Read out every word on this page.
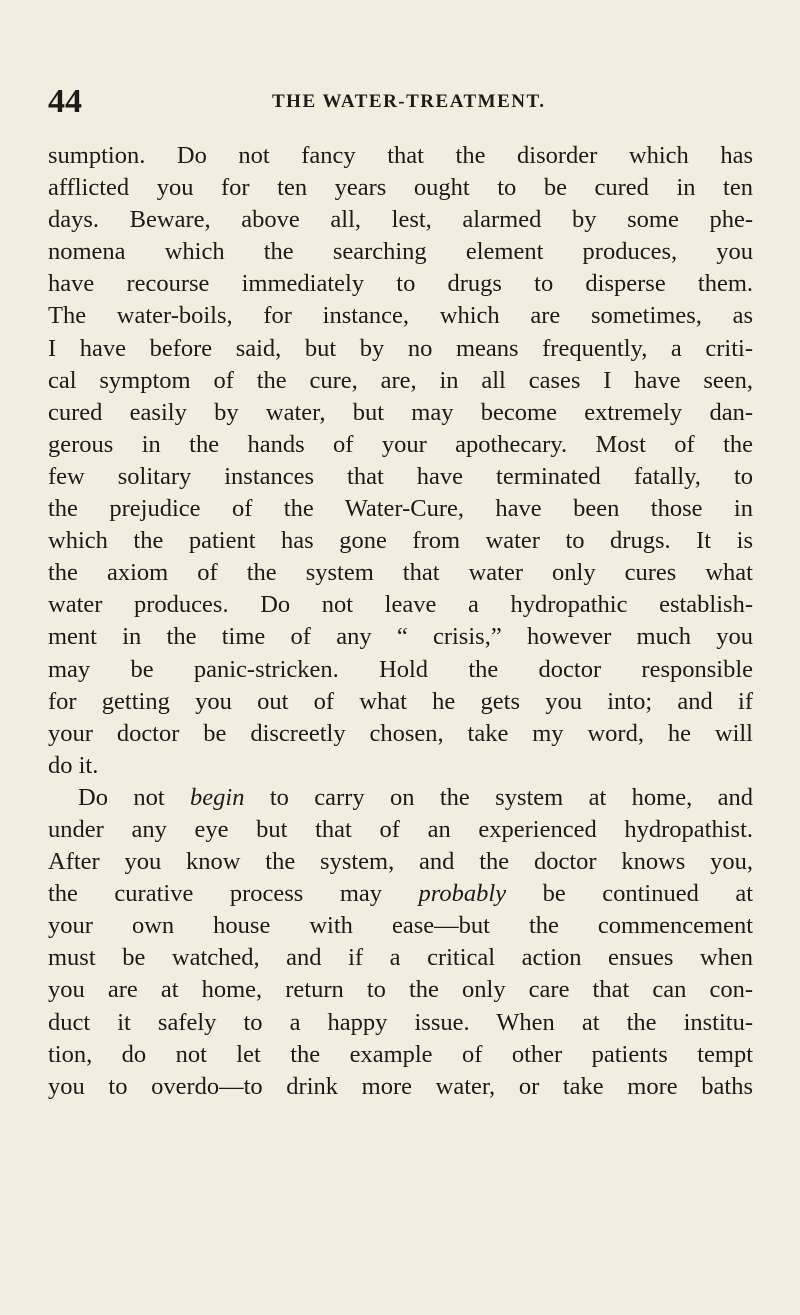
44	THE WATER-TREATMENT.
sumption. Do not fancy that the disorder which has
afflicted you for ten years ought to be cured in ten
days. Beware, above all, lest, alarmed by some phe-
nomena which the searching element produces, you
have recourse immediately to drugs to disperse them.
The water-boils, for instance, which are sometimes, as
I have before said, but by no means frequently, a criti-
cal symptom of the cure, are, in all cases I have seen,
cured easily by water, but may become extremely dan-
gerous in the hands of your apothecary. Most of the
few solitary instances that have terminated fatally, to
the prejudice of the Water-Cure, have been those in
which the patient has gone from water to drugs. It is
the axiom of the system that water only cures what
water produces. Do not leave a hydropathic establish-
ment in the time of any “ crisis,” however much you
may be panic-stricken. Hold the doctor responsible
for getting you out of what he gets you into; and if
your doctor be discreetly chosen, take my word, he will
do it.
Do not begin to carry on the system at home, and
under any eye but that of an experienced hydropathist.
After you know the system, and the doctor knows you,
the curative process may probably be continued at
your own house with ease—but the commencement
must be watched, and if a critical action ensues when
you are at home, return to the only care that can con-
duct it safely to a happy issue. When at the institu-
tion, do not let the example of other patients tempt
you to overdo—to drink more water, or take more baths
